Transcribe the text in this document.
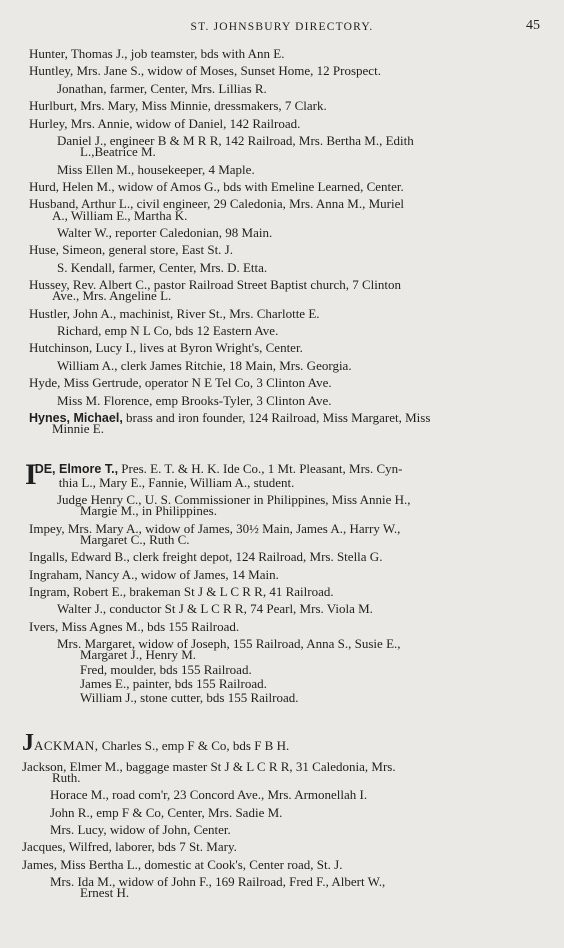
ST. JOHNSBURY DIRECTORY.	45
Hunter, Thomas J., job teamster, bds with Ann E.
Huntley, Mrs. Jane S., widow of Moses, Sunset Home, 12 Prospect.
Jonathan, farmer, Center, Mrs. Lillias R.
Hurlburt, Mrs. Mary, Miss Minnie, dressmakers, 7 Clark.
Hurley, Mrs. Annie, widow of Daniel, 142 Railroad.
Daniel J., engineer B & M R R, 142 Railroad, Mrs. Bertha M., Edith
L.,Beatrice M.
Miss Ellen M., housekeeper, 4 Maple.
Hurd, Helen M., widow of Amos G., bds with Emeline Learned, Center.
Husband, Arthur L., civil engineer, 29 Caledonia, Mrs. Anna M., Muriel
A., William E., Martha K.
Walter W., reporter Caledonian, 98 Main.
Huse, Simeon, general store, East St. J.
S. Kendall, farmer, Center, Mrs. D. Etta.
Hussey, Rev. Albert C., pastor Railroad Street Baptist church, 7 Clinton
Ave., Mrs. Angeline L.
Hustler, John A., machinist, River St., Mrs. Charlotte E.
Richard, emp N L Co, bds 12 Eastern Ave.
Hutchinson, Lucy I., lives at Byron Wright's, Center.
William A., clerk James Ritchie, 18 Main, Mrs. Georgia.
Hyde, Miss Gertrude, operator N E Tel Co, 3 Clinton Ave.
Miss M. Florence, emp Brooks-Tyler, 3 Clinton Ave.
Hynes, Michael, brass and iron founder, 124 Railroad, Miss Margaret, Miss
Minnie E.
I
DE, Elmore T., Pres. E. T. & H. K. Ide Co., 1 Mt. Pleasant, Mrs. Cyn-
thia L., Mary E., Fannie, William A., student.
Judge Henry C., U. S. Commissioner in Philippines, Miss Annie H.,
Margie M., in Philippines.
Impey, Mrs. Mary A., widow of James, 30½ Main, James A., Harry W.,
Margaret C., Ruth C.
Ingalls, Edward B., clerk freight depot, 124 Railroad, Mrs. Stella G.
Ingraham, Nancy A., widow of James, 14 Main.
Ingram, Robert E., brakeman St J & L C R R, 41 Railroad.
Walter J., conductor St J & L C R R, 74 Pearl, Mrs. Viola M.
Ivers, Miss Agnes M., bds 155 Railroad.
Mrs. Margaret, widow of Joseph, 155 Railroad, Anna S., Susie E.,
Margaret J., Henry M.
Fred, moulder, bds 155 Railroad.
James E., painter, bds 155 Railroad.
William J., stone cutter, bds 155 Railroad.
JACKMAN, Charles S., emp F & Co, bds F B H.
Jackson, Elmer M., baggage master St J & L C R R, 31 Caledonia, Mrs.
Ruth.
Horace M., road com'r, 23 Concord Ave., Mrs. Armonellah I.
John R., emp F & Co, Center, Mrs. Sadie M.
Mrs. Lucy, widow of John, Center.
Jacques, Wilfred, laborer, bds 7 St. Mary.
James, Miss Bertha L., domestic at Cook's, Center road, St. J.
Mrs. Ida M., widow of John F., 169 Railroad, Fred F., Albert W.,
Ernest H.
